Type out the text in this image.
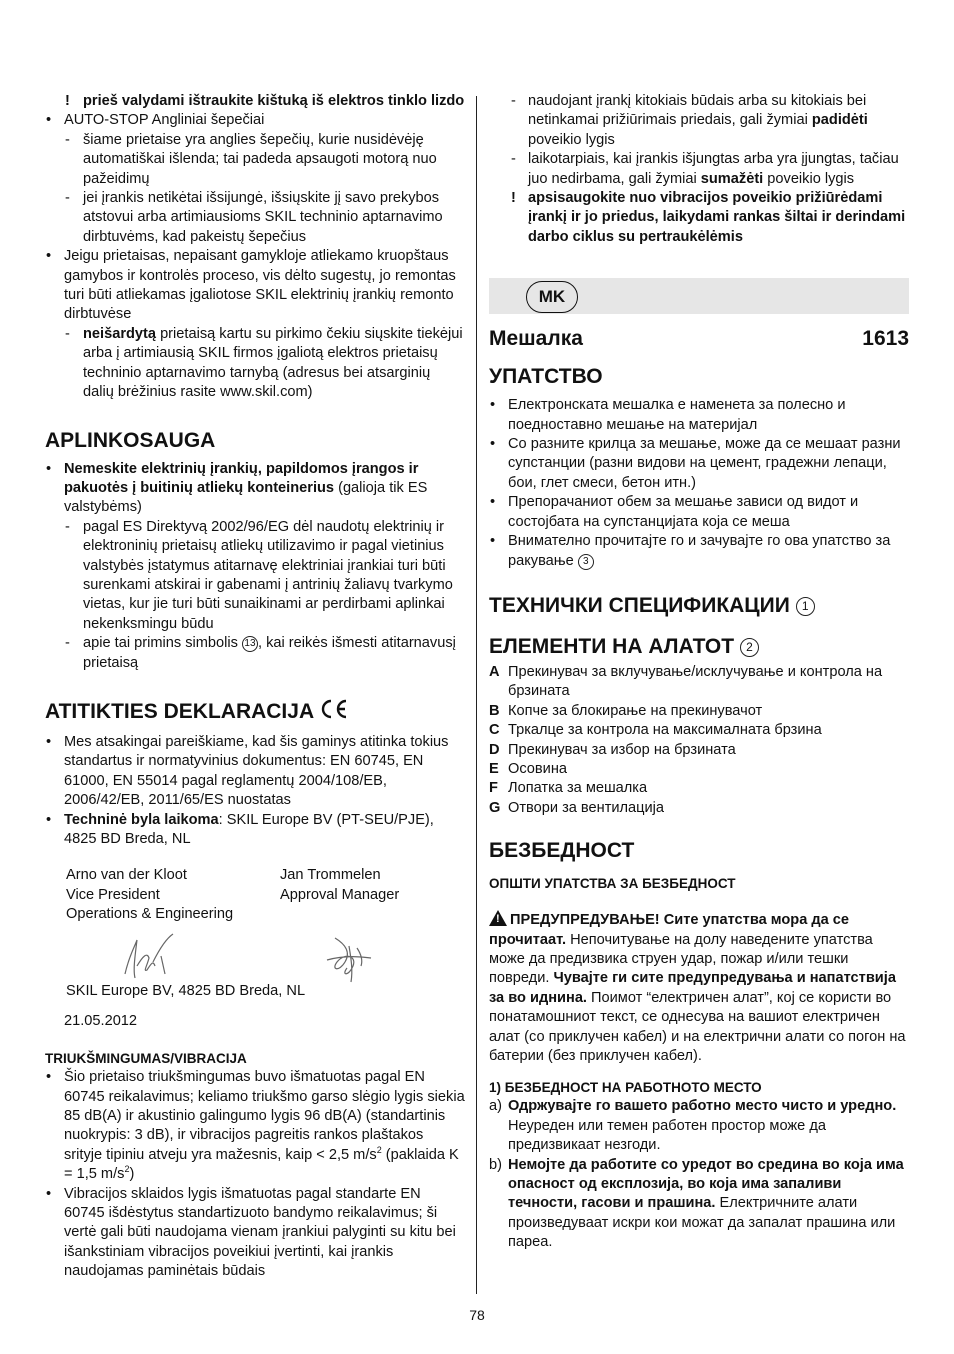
! prieš valydami ištraukite kištuką iš elektros tinklo lizdo

• AUTO-STOP Angliniai šepečiai

- šiame prietaise yra anglies šepečių, kurie nusidėvėję automatiškai išlenda; tai padeda apsaugoti motorą nuo pažeidimų

- jei įrankis netikėtai išsijungė, išsiųskite jį savo prekybos atstovui arba artimiausioms SKIL techninio aptarnavimo dirbtuvėms, kad pakeistų šepečius

• Jeigu prietaisas, nepaisant gamykloje atliekamo kruopštaus gamybos ir kontrolės proceso, vis dėlto sugestų, jo remontas turi būti atliekamas įgaliotose SKIL elektrinių įrankių remonto dirbtuvėse

- neišardytą prietaisą kartu su pirkimo čekiu siųskite tiekėjui arba į artimiausią SKIL firmos įgaliotą elektros prietaisų techninio aptarnavimo tarnybą (adresus bei atsarginių dalių brėžinius rasite www.skil.com)

APLINKOSAUGA

• Nemeskite elektrinių įrankių, papildomos įrangos ir pakuotės į buitinių atliekų konteinerius (galioja tik ES valstybėms)

- pagal ES Direktyvą 2002/96/EG dėl naudotų elektrinių ir elektroninių prietaisų atliekų utilizavimo ir pagal vietinius valstybės įstatymus atitarnavę elektriniai įrankiai turi būti surenkami atskirai ir gabenami į antrinių žaliavų tvarkymo vietas, kur jie turi būti sunaikinami ar perdirbami aplinkai nekenksmingu būdu

- apie tai primins simbolis 13 , kai reikės išmesti atitarnavusį prietaisą

ATITIKTIES DEKLARACIJA

• Mes atsakingai pareiškiame, kad šis gaminys atitinka tokius standartus ir normatyvinius dokumentus: EN 60745, EN 61000, EN 55014 pagal reglamentų 2004/108/EB, 2006/42/EB, 2011/65/ES nuostatas

• Techninė byla laikoma: SKIL Europe BV (PT-SEU/PJE), 4825 BD Breda, NL

Arno van der Kloot

Vice President

Operations & Engineering

Jan Trommelen

Approval Manager

SKIL Europe BV, 4825 BD Breda, NL

21.05.2012

TRIUKŠMINGUMAS/VIBRACIJA

• Šio prietaiso triukšmingumas buvo išmatuotas pagal EN 60745 reikalavimus; keliamo triukšmo garso slėgio lygis siekia 85 dB(A) ir akustinio galingumo lygis 96 dB(A) (standartinis nuokrypis: 3 dB), ir vibracijos pagreitis rankos plaštakos srityje tipiniu atveju yra mažesnis, kaip < 2,5 $m/s^2$ (paklaida K = 1,5 $m/s^2$)

• Vibracijos sklaidos lygis išmatuotas pagal standarte EN 60745 išdėstytus standartizuoto bandymo reikalavimus; ši vertė gali būti naudojama vienam įrankiui palyginti su kitu bei išankstiniam vibracijos poveikiui įvertinti, kai įrankis naudojamas paminėtais būdais

- naudojant įrankį kitokiais būdais arba su kitokiais bei netinkamai prižiūrimais priedais, gali žymiai padidėti poveikio lygis

- laikotarpiais, kai įrankis išjungtas arba yra įjungtas, tačiau juo nedirbama, gali žymiai sumažėti poveikio lygis

! apsisaugokite nuo vibracijos poveikio prižiūrėdami įrankį ir jo priedus, laikydami rankas šiltai ir derindami darbo ciklus su pertraukėlėmis

MK
Мешалка	1613
УПАТСТВО

• Електронската мешалка е наменета за полесно и поедноставно мешање на материјал

• Со разните крилца за мешање, може да се мешаат разни супстанции (разни видови на цемент, градежни лепаци, бои, глет смеси, бетон итн.)

• Препорачаниот обем за мешање зависи од видот и состојбата на супстанцијата која се меша

• Внимателно прочитајте го и зачувајте го ова упатство за ракување 3

ТЕХНИЧКИ СПЕЦИФИКАЦИИ 1
ЕЛЕМЕНТИ НА АЛАТОТ 2

A Прекинувач за вклучување/исклучување и контрола на брзината

B Копче за блокирање на прекинувачот

C Тркалце за контрола на максималната брзина

D Прекинувач за избор на брзината

E Осовина

F Лопатка за мешалка

G Отвори за вентилација

БЕЗБЕДНОСТ
ОПШТИ УПАТСТВА ЗА БЕЗБЕДНОСТ

!ПРЕДУПРЕДУВАЊЕ! Сите упатства мора да се прочитаат. Непочитување на долу наведените упатства може да предизвика струен удар, пожар и/или тешки повреди. Чувајте ги сите предупредувања и напатствија за во иднина. Поимот “електричен алат”, кој се користи во понатамошниот текст, се однесува на вашиот електричен алат (со приклучен кабел) и на електрични алати со погон на батерии (без приклучен кабел).

1) БЕЗБЕДНОСТ НА РАБОТНОТО МЕСТО

a) Одржувајте го вашето работно место чисто и уредно. Неуреден или темен работен простор може да предизвикаат незгоди.

b) Немојте да работите со уредот во средина во која има опасност од експлозија, во која има запаливи течности, гасови и прашина. Електричните алати произведуваат искри кои можат да запалат прашина или пареа.

78
